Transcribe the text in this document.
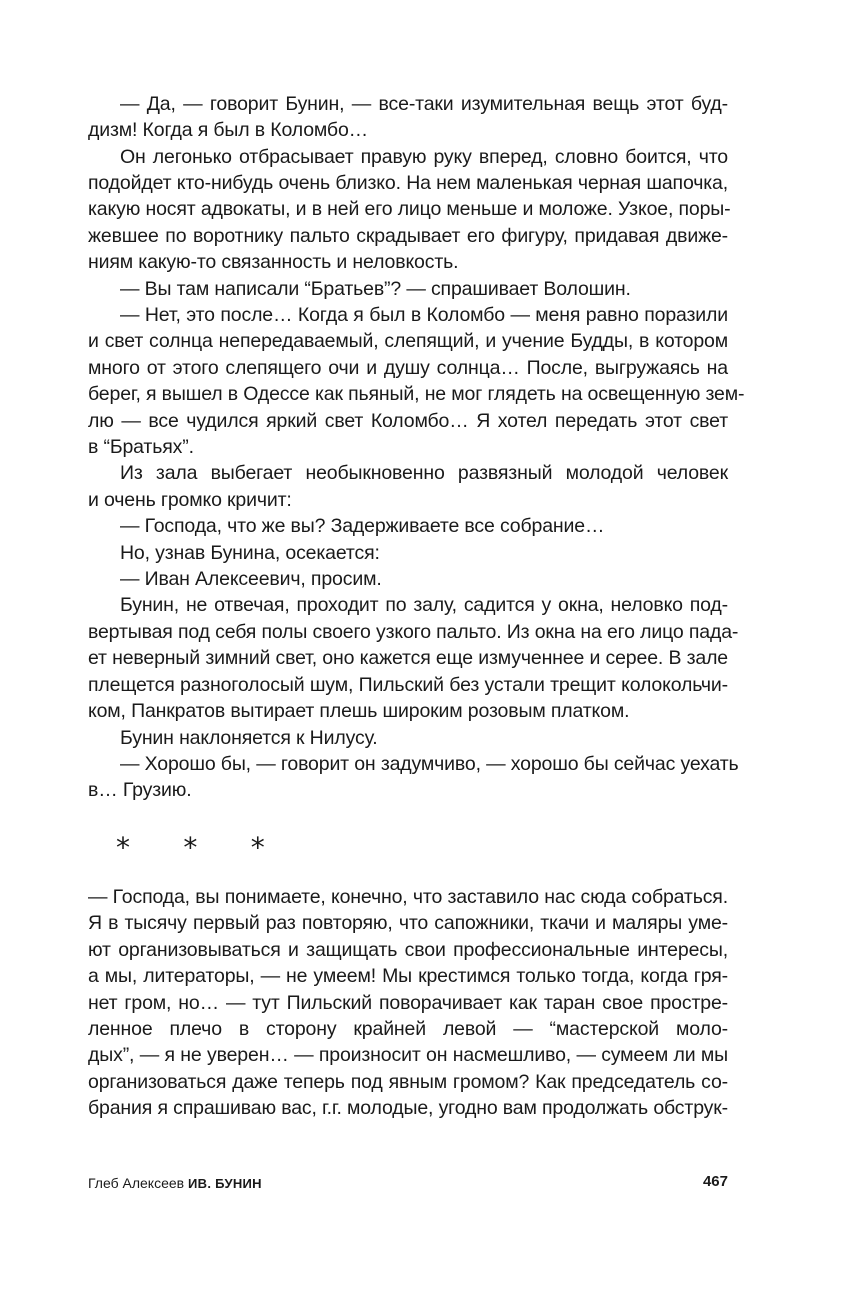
— Да, — говорит Бунин, — все-таки изумительная вещь этот буд-
дизм! Когда я был в Коломбо…
Он легонько отбрасывает правую руку вперед, словно боится, что
подойдет кто-нибудь очень близко. На нем маленькая черная шапочка,
какую носят адвокаты, и в ней его лицо меньше и моложе. Узкое, поры-
жевшее по воротнику пальто скрадывает его фигуру, придавая движе-
ниям какую-то связанность и неловкость.
— Вы там написали “Братьев”? — спрашивает Волошин.
— Нет, это после… Когда я был в Коломбо — меня равно поразили
и свет солнца непередаваемый, слепящий, и учение Будды, в котором
много от этого слепящего очи и душу солнца… После, выгружаясь на
берег, я вышел в Одессе как пьяный, не мог глядеть на освещенную зем-
лю — все чудился яркий свет Коломбо… Я хотел передать этот свет
в “Братьях”.
Из зала выбегает необыкновенно развязный молодой человек
и очень громко кричит:
— Господа, что же вы? Задерживаете все собрание…
Но, узнав Бунина, осекается:
— Иван Алексеевич, просим.
Бунин, не отвечая, проходит по залу, садится у окна, неловко под-
вертывая под себя полы своего узкого пальто. Из окна на его лицо пада-
ет неверный зимний свет, оно кажется еще измученнее и серее. В зале
плещется разноголосый шум, Пильский без устали трещит колокольчи-
ком, Панкратов вытирает плешь широким розовым платком.
Бунин наклоняется к Нилусу.
— Хорошо бы, — говорит он задумчиво, — хорошо бы сейчас уехать
в… Грузию.
*      *      *
— Господа, вы понимаете, конечно, что заставило нас сюда собраться.
Я в тысячу первый раз повторяю, что сапожники, ткачи и маляры уме-
ют организовываться и защищать свои профессиональные интересы,
а мы, литераторы, — не умеем! Мы крестимся только тогда, когда гря-
нет гром, но… — тут Пильский поворачивает как таран свое простре-
ленное плечо в сторону крайней левой — “мастерской моло-
дых”, — я не уверен… — произносит он насмешливо, — сумеем ли мы
организоваться даже теперь под явным громом? Как председатель со-
брания я спрашиваю вас, г.г. молодые, угодно вам продолжать обструк-
Глеб Алексеев ИВ. БУНИН	467
